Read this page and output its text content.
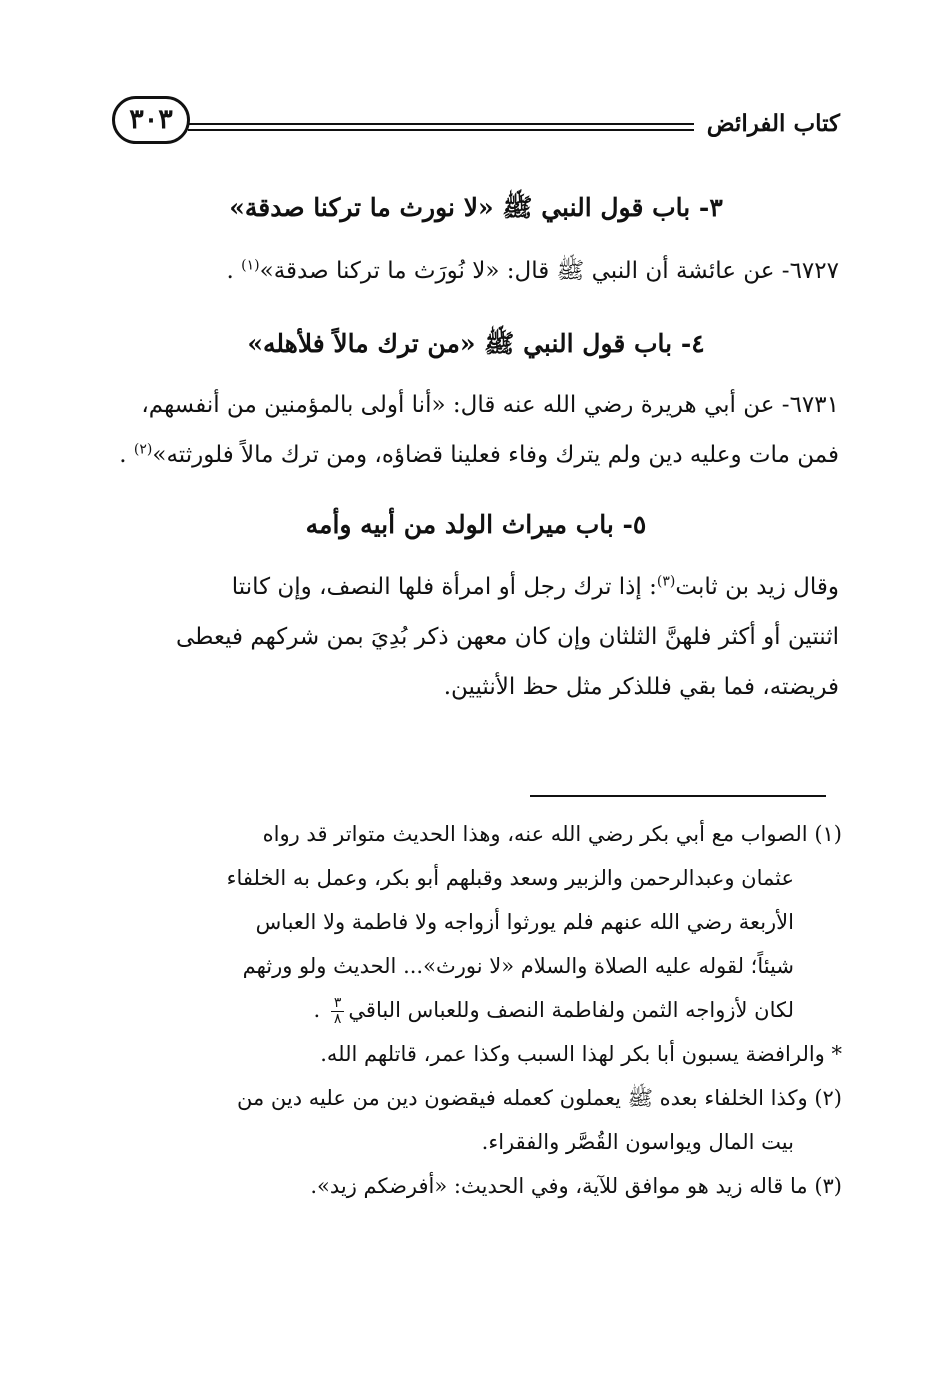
كتاب الفرائض
٣٠٣
٣- باب قول النبي ﷺ «لا نورث ما تركنا صدقة»
٦٧٢٧- عن عائشة أن النبي ﷺ قال: «لا نُورَث ما تركنا صدقة»$^{(١)}$ .
٤- باب قول النبي ﷺ «من ترك مالاً فلأهله»
٦٧٣١- عن أبي هريرة رضي الله عنه قال: «أنا أولى بالمؤمنين من أنفسهم،
فمن مات وعليه دين ولم يترك وفاء فعلينا قضاؤه، ومن ترك مالاً فلورثته»$^{(٢)}$ .
٥- باب ميراث الولد من أبيه وأمه
وقال زيد بن ثابت$^{(٣)}$: إذا ترك رجل أو امرأة فلها النصف، وإن كانتا
اثنتين أو أكثر فلهنَّ الثلثان وإن كان معهن ذكر بُدِيَ بمن شركهم فيعطى
فريضته، فما بقي فللذكر مثل حظ الأنثيين.
(١) الصواب مع أبي بكر رضي الله عنه، وهذا الحديث متواتر قد رواه
عثمان وعبدالرحمن والزبير وسعد وقبلهم أبو بكر، وعمل به الخلفاء
الأربعة رضي الله عنهم فلم يورثوا أزواجه ولا فاطمة ولا العباس
شيئاً؛ لقوله عليه الصلاة والسلام «لا نورث»... الحديث ولو ورثهم
لكان لأزواجه الثمن ولفاطمة النصف وللعباس الباقي
$\frac{٣}{٨}$
.
* والرافضة يسبون أبا بكر لهذا السبب وكذا عمر، قاتلهم الله.
(٢) وكذا الخلفاء بعده ﷺ يعملون كعمله فيقضون دين من عليه دين من
بيت المال ويواسون القُصَّر والفقراء.
(٣) ما قاله زيد هو موافق للآية، وفي الحديث: «أفرضكم زيد».
